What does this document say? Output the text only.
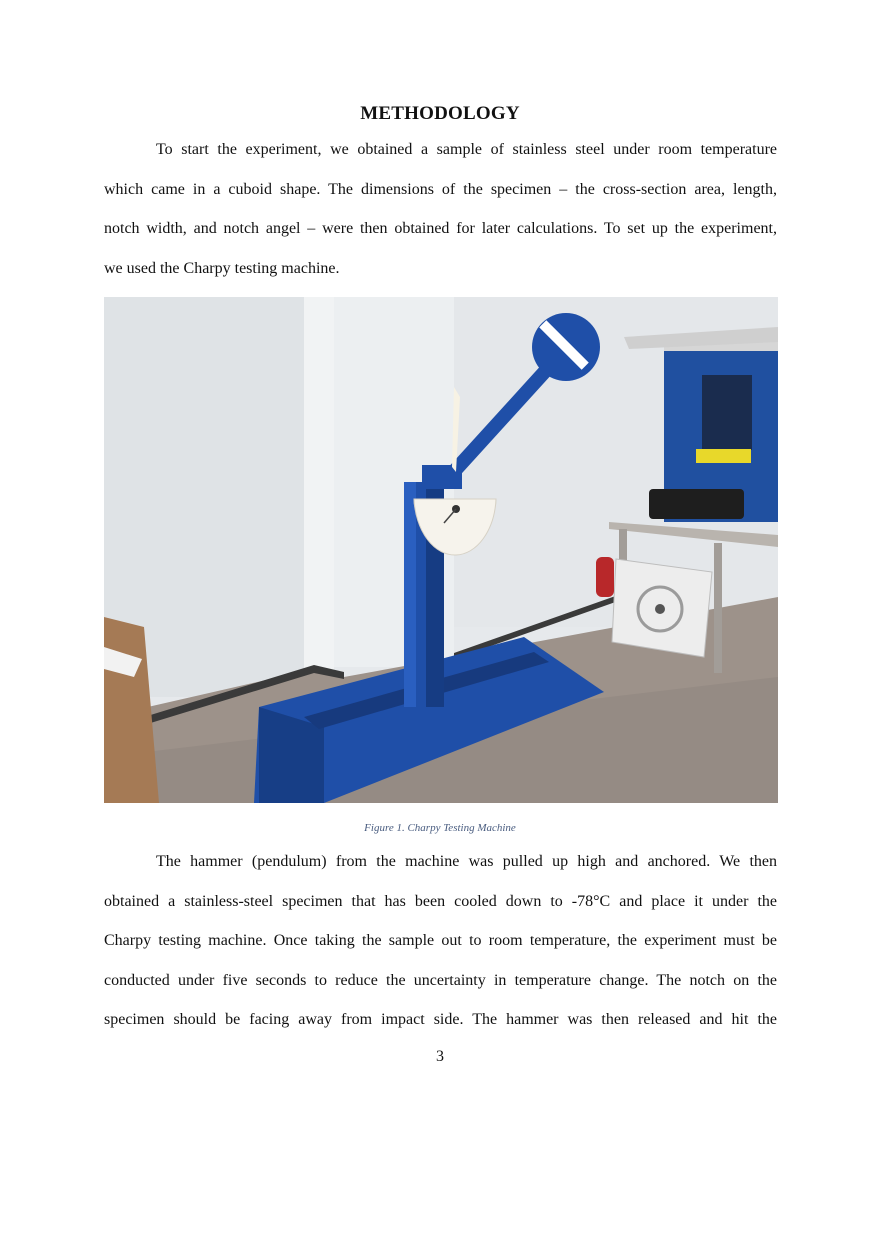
METHODOLOGY

To start the experiment, we obtained a sample of stainless steel under room temperature
which came in a cuboid shape. The dimensions of the specimen – the cross-section area, length,
notch width, and notch angel – were then obtained for later calculations. To set up the experiment,
we used the Charpy testing machine.

Figure 1. Charpy Testing Machine

The hammer (pendulum) from the machine was pulled up high and anchored. We then
obtained a stainless-steel specimen that has been cooled down to -78°C and place it under the
Charpy testing machine. Once taking the sample out to room temperature, the experiment must be
conducted under five seconds to reduce the uncertainty in temperature change. The notch on the
specimen should be facing away from impact side. The hammer was then released and hit the

3
